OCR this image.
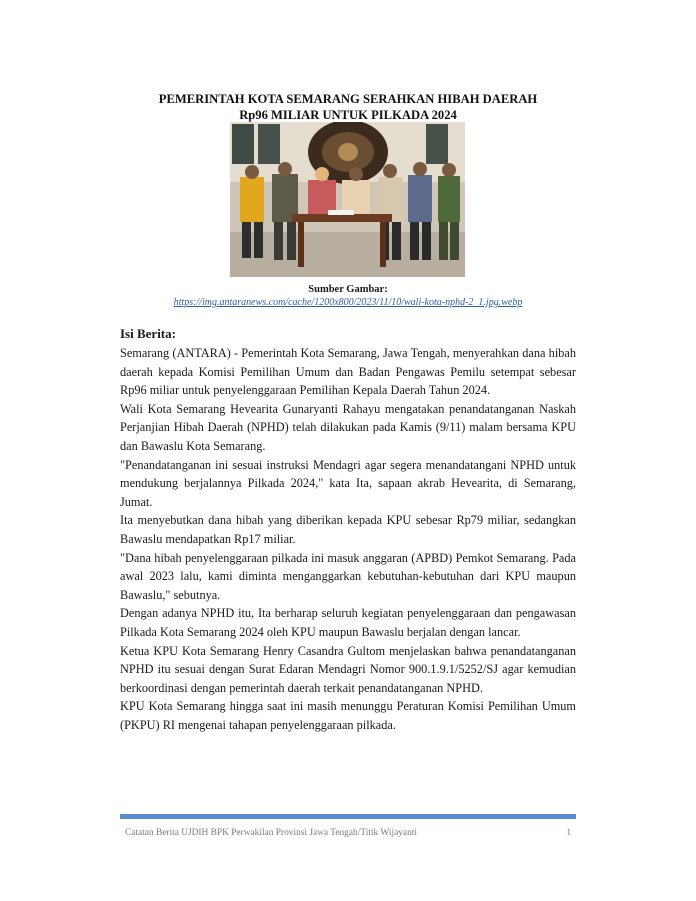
PEMERINTAH KOTA SEMARANG SERAHKAN HIBAH DAERAH
Rp96 MILIAR UNTUK PILKADA 2024
Sumber Gambar:
https://img.antaranews.com/cache/1200x800/2023/11/10/wali-kota-nphd-2_1.jpg.webp
Isi Berita:

Semarang (ANTARA) - Pemerintah Kota Semarang, Jawa Tengah, menyerahkan dana hibah daerah kepada Komisi Pemilihan Umum dan Badan Pengawas Pemilu setempat sebesar Rp96 miliar untuk penyelenggaraan Pemilihan Kepala Daerah Tahun 2024.

Wali Kota Semarang Hevearita Gunaryanti Rahayu mengatakan penandatanganan Naskah Perjanjian Hibah Daerah (NPHD) telah dilakukan pada Kamis (9/11) malam bersama KPU dan Bawaslu Kota Semarang.

"Penandatanganan ini sesuai instruksi Mendagri agar segera menandatangani NPHD untuk mendukung berjalannya Pilkada 2024," kata Ita, sapaan akrab Hevearita, di Semarang, Jumat.

Ita menyebutkan dana hibah yang diberikan kepada KPU sebesar Rp79 miliar, sedangkan Bawaslu mendapatkan Rp17 miliar.

"Dana hibah penyelenggaraan pilkada ini masuk anggaran (APBD) Pemkot Semarang. Pada awal 2023 lalu, kami diminta menganggarkan kebutuhan-kebutuhan dari KPU maupun Bawaslu," sebutnya.

Dengan adanya NPHD itu, Ita berharap seluruh kegiatan penyelenggaraan dan pengawasan Pilkada Kota Semarang 2024 oleh KPU maupun Bawaslu berjalan dengan lancar.

Ketua KPU Kota Semarang Henry Casandra Gultom menjelaskan bahwa penandatanganan NPHD itu sesuai dengan Surat Edaran Mendagri Nomor 900.1.9.1/5252/SJ agar kemudian berkoordinasi dengan pemerintah daerah terkait penandatanganan NPHD.

KPU Kota Semarang hingga saat ini masih menunggu Peraturan Komisi Pemilihan Umum (PKPU) RI mengenai tahapan penyelenggaraan pilkada.

Catatan Berita UJDIH BPK Perwakilan Provinsi Jawa Tengah/Titik Wijayanti	1
